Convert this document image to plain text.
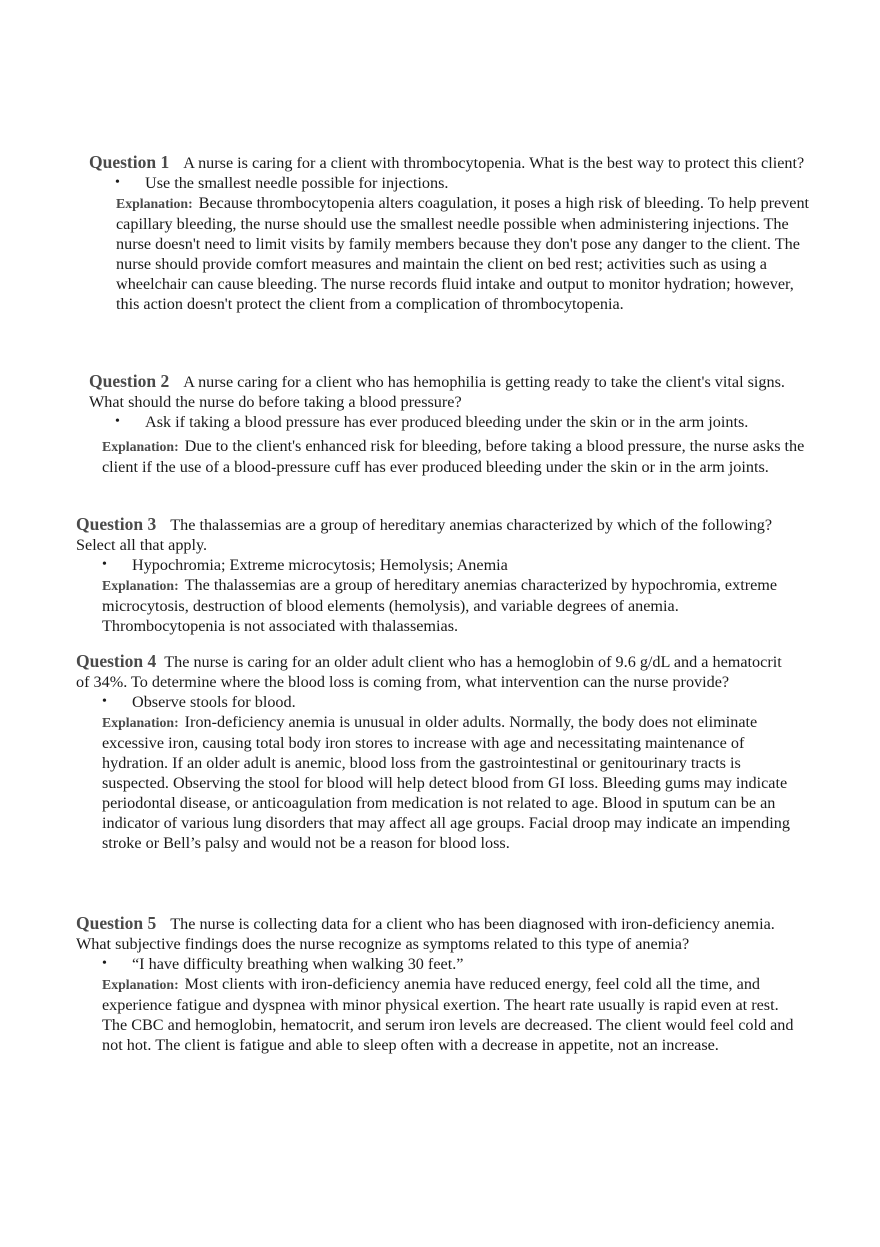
Question 1 A nurse is caring for a client with thrombocytopenia. What is the best way to protect this client?

• Use the smallest needle possible for injections.

Explanation: Because thrombocytopenia alters coagulation, it poses a high risk of bleeding. To help prevent capillary bleeding, the nurse should use the smallest needle possible when administering injections. The nurse doesn't need to limit visits by family members because they don't pose any danger to the client. The nurse should provide comfort measures and maintain the client on bed rest; activities such as using a wheelchair can cause bleeding. The nurse records fluid intake and output to monitor hydration; however, this action doesn't protect the client from a complication of thrombocytopenia.

Question 2 A nurse caring for a client who has hemophilia is getting ready to take the client's vital signs. What should the nurse do before taking a blood pressure?

• Ask if taking a blood pressure has ever produced bleeding under the skin or in the arm joints.

Explanation: Due to the client's enhanced risk for bleeding, before taking a blood pressure, the nurse asks the client if the use of a blood-pressure cuff has ever produced bleeding under the skin or in the arm joints.

Question 3 The thalassemias are a group of hereditary anemias characterized by which of the following? Select all that apply.

• Hypochromia; Extreme microcytosis; Hemolysis; Anemia

Explanation: The thalassemias are a group of hereditary anemias characterized by hypochromia, extreme microcytosis, destruction of blood elements (hemolysis), and variable degrees of anemia. Thrombocytopenia is not associated with thalassemias.

Question 4 The nurse is caring for an older adult client who has a hemoglobin of 9.6 g/dL and a hematocrit of 34%. To determine where the blood loss is coming from, what intervention can the nurse provide?

• Observe stools for blood.

Explanation: Iron-deficiency anemia is unusual in older adults. Normally, the body does not eliminate excessive iron, causing total body iron stores to increase with age and necessitating maintenance of hydration. If an older adult is anemic, blood loss from the gastrointestinal or genitourinary tracts is suspected. Observing the stool for blood will help detect blood from GI loss. Bleeding gums may indicate periodontal disease, or anticoagulation from medication is not related to age. Blood in sputum can be an indicator of various lung disorders that may affect all age groups. Facial droop may indicate an impending stroke or Bell’s palsy and would not be a reason for blood loss.

Question 5 The nurse is collecting data for a client who has been diagnosed with iron-deficiency anemia. What subjective findings does the nurse recognize as symptoms related to this type of anemia?

• “I have difficulty breathing when walking 30 feet.”

Explanation: Most clients with iron-deficiency anemia have reduced energy, feel cold all the time, and experience fatigue and dyspnea with minor physical exertion. The heart rate usually is rapid even at rest. The CBC and hemoglobin, hematocrit, and serum iron levels are decreased. The client would feel cold and not hot. The client is fatigue and able to sleep often with a decrease in appetite, not an increase.
